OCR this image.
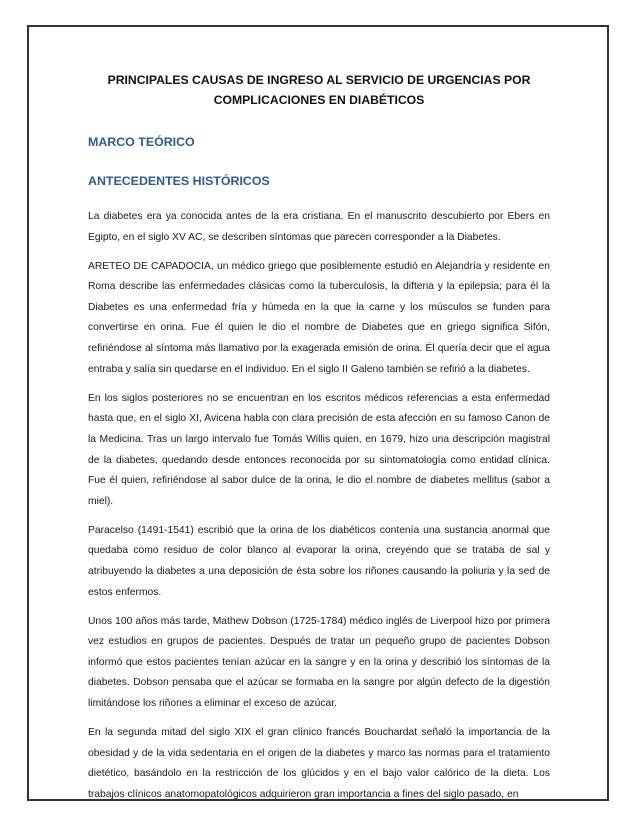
PRINCIPALES CAUSAS DE INGRESO AL SERVICIO DE URGENCIAS POR COMPLICACIONES EN DIABÉTICOS
MARCO TEÓRICO
ANTECEDENTES HISTÓRICOS

La diabetes era ya conocida antes de la era cristiana. En el manuscrito descubierto por Ebers en Egipto, en el siglo XV AC, se describen síntomas que parecen corresponder a la Diabetes.

ARETEO DE CAPADOCIA, un médico griego que posiblemente estudió en Alejandría y residente en Roma describe las enfermedades clásicas como la tuberculosis, la difteria y la epilepsia; para él la Diabetes es una enfermedad fría y húmeda en la que la carne y los músculos se funden para convertirse en orina. Fue él quien le dio el nombre de Diabetes que en griego significa Sifón, refiriéndose al síntoma más llamativo por la exagerada emisión de orina. Él quería decir que el agua entraba y salía sin quedarse en el individuo. En el siglo II Galeno también se refirió a la diabetes.

En los siglos posteriores no se encuentran en los escritos médicos referencias a esta enfermedad hasta que, en el siglo XI, Avicena habla con clara precisión de esta afección en su famoso Canon de la Medicina. Tras un largo intervalo fue Tomás Willis quien, en 1679, hizo una descripción magistral de la diabetes, quedando desde entonces reconocida por su sintomatología como entidad clínica. Fue él quien, refiriéndose al sabor dulce de la orina, le dio el nombre de diabetes mellitus (sabor a miel).

Paracelso (1491-1541) escribió que la orina de los diabéticos contenía una sustancia anormal que quedaba como residuo de color blanco al evaporar la orina, creyendo que se trataba de sal y atribuyendo la diabetes a una deposición de ésta sobre los riñones causando la poliuria y la sed de estos enfermos.

Unos 100 años más tarde, Mathew Dobson (1725-1784) médico inglés de Liverpool hizo por primera vez estudios en grupos de pacientes. Después de tratar un pequeño grupo de pacientes Dobson informó que estos pacientes tenían azúcar en la sangre y en la orina y describió los síntomas de la diabetes. Dobson pensaba que el azúcar se formaba en la sangre por algún defecto de la digestión limitándose los riñones a eliminar el exceso de azúcar.

En la segunda mitad del siglo XIX el gran clínico francés Bouchardat señaló la importancia de la obesidad y de la vida sedentaria en el origen de la diabetes y marco las normas para el tratamiento dietético, basándolo en la restricción de los glúcidos y en el bajo valor calórico de la dieta. Los trabajos clínicos anatomopatológicos adquirieron gran importancia a fines del siglo pasado, en
